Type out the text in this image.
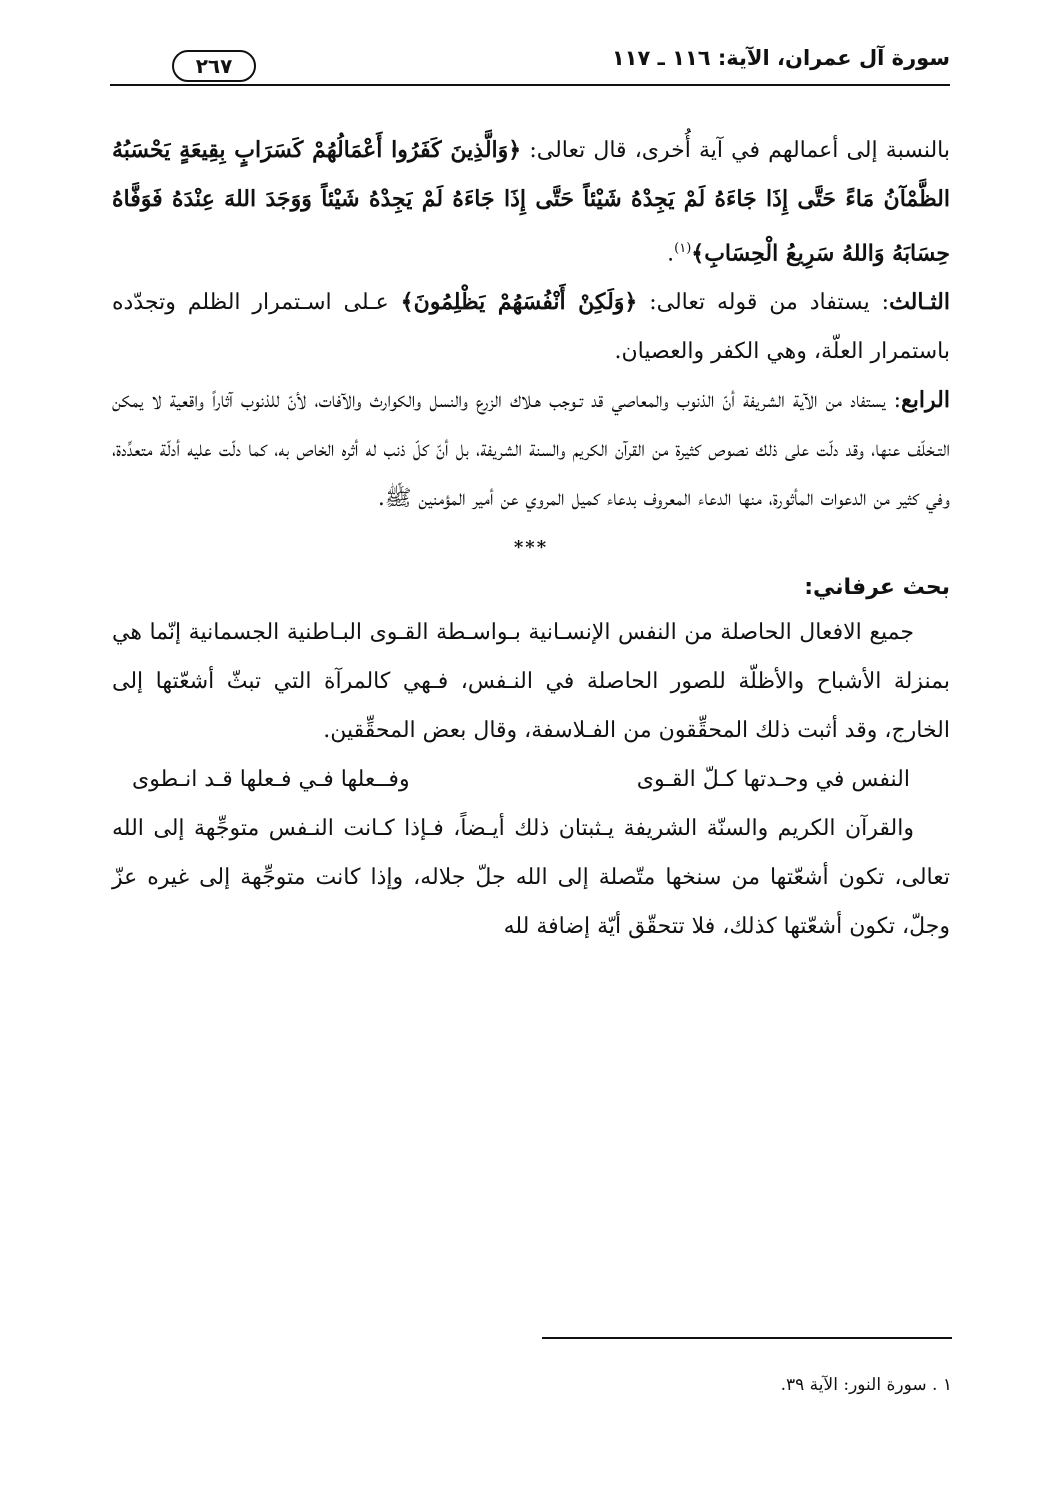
سورة آل عمران، الآية: ١١٦ ـ ١١٧
٢٦٧

بالنسبة إلى أعمالهم في آية أُخرى، قال تعالى: ﴿وَالَّذِينَ كَفَرُوا أَعْمَالُهُمْ كَسَرَابٍ بِقِيعَةٍ يَحْسَبُهُ الظَّمْآنُ مَاءً حَتَّى إِذَا جَاءَهُ لَمْ يَجِدْهُ شَيْئاً حَتَّى إِذَا جَاءَهُ لَمْ يَجِدْهُ شَيْئاً وَوَجَدَ اللهَ عِنْدَهُ فَوَفَّاهُ حِسَابَهُ وَاللهُ سَرِيعُ الْحِسَابِ﴾$^{(١)}$.

الثـالث: يستفاد من قوله تعالى: ﴿وَلَكِنْ أَنْفُسَهُمْ يَظْلِمُونَ﴾ عـلى اسـتمرار الظلم وتجدّده باستمرار العلّة، وهي الكفر والعصيان.

الرابع: يستفاد من الآية الشريفة أنّ الذنوب والمعاصي قد تـوجب هـلاك الزرع والنسل والكوارث والآفات، لأنّ للذنوب آثاراً واقعية لا يمكن التـخلّف عنها، وقد دلّت على ذلك نصوص كثيرة من القرآن الكريم والسنة الشريفة، بل أنّ كلّ ذنب له أثره الخاص به، كما دلّت عليه أدلّة متعدِّدة، وفي كثير من الدعوات المأثورة، منها الدعاء المعروف بدعاء كميل المروي عن أمير المؤمنين ﷺ.

***
بحث عرفاني:

جميع الافعال الحاصلة من النفس الإنسـانية بـواسـطة القـوى البـاطنية الجسمانية إنّما هي بمنزلة الأشباح والأظلّة للصور الحاصلة في النـفس، فـهي كالمرآة التي تبثّ أشعّتها إلى الخارج، وقد أثبت ذلك المحقِّقون من الفـلاسفة، وقال بعض المحقِّقين.

النفس في وحـدتها كـلّ القـوى
وفــعلها فـي فـعلها قـد انـطوى

والقرآن الكريم والسنّة الشريفة يـثبتان ذلك أيـضاً، فـإذا كـانت النـفس متوجِّهة إلى الله تعالى، تكون أشعّتها من سنخها متّصلة إلى الله جلّ جلاله، وإذا كانت متوجِّهة إلى غيره عزّ وجلّ، تكون أشعّتها كذلك، فلا تتحقّق أيّة إضافة لله

١ . سورة النور: الآية ٣٩.
